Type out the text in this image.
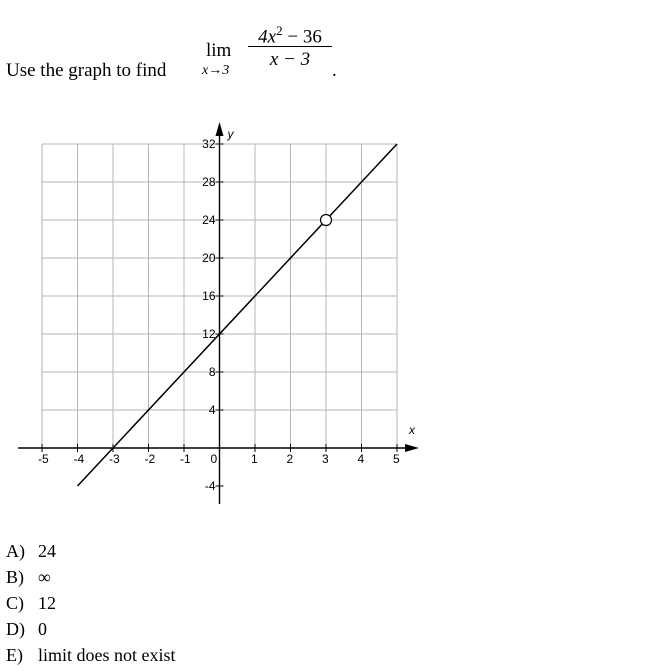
Use the graph to find
lim
x→3
$4x^2 - 36$
x − 3
.
x
y
-5 -4 -3 -2 -1 0	1 2 3 4 5
-4
4
8
12
16
20
24
28
32
A) 24
B) ∞
C) 12
D) 0
E) limit does not exist
